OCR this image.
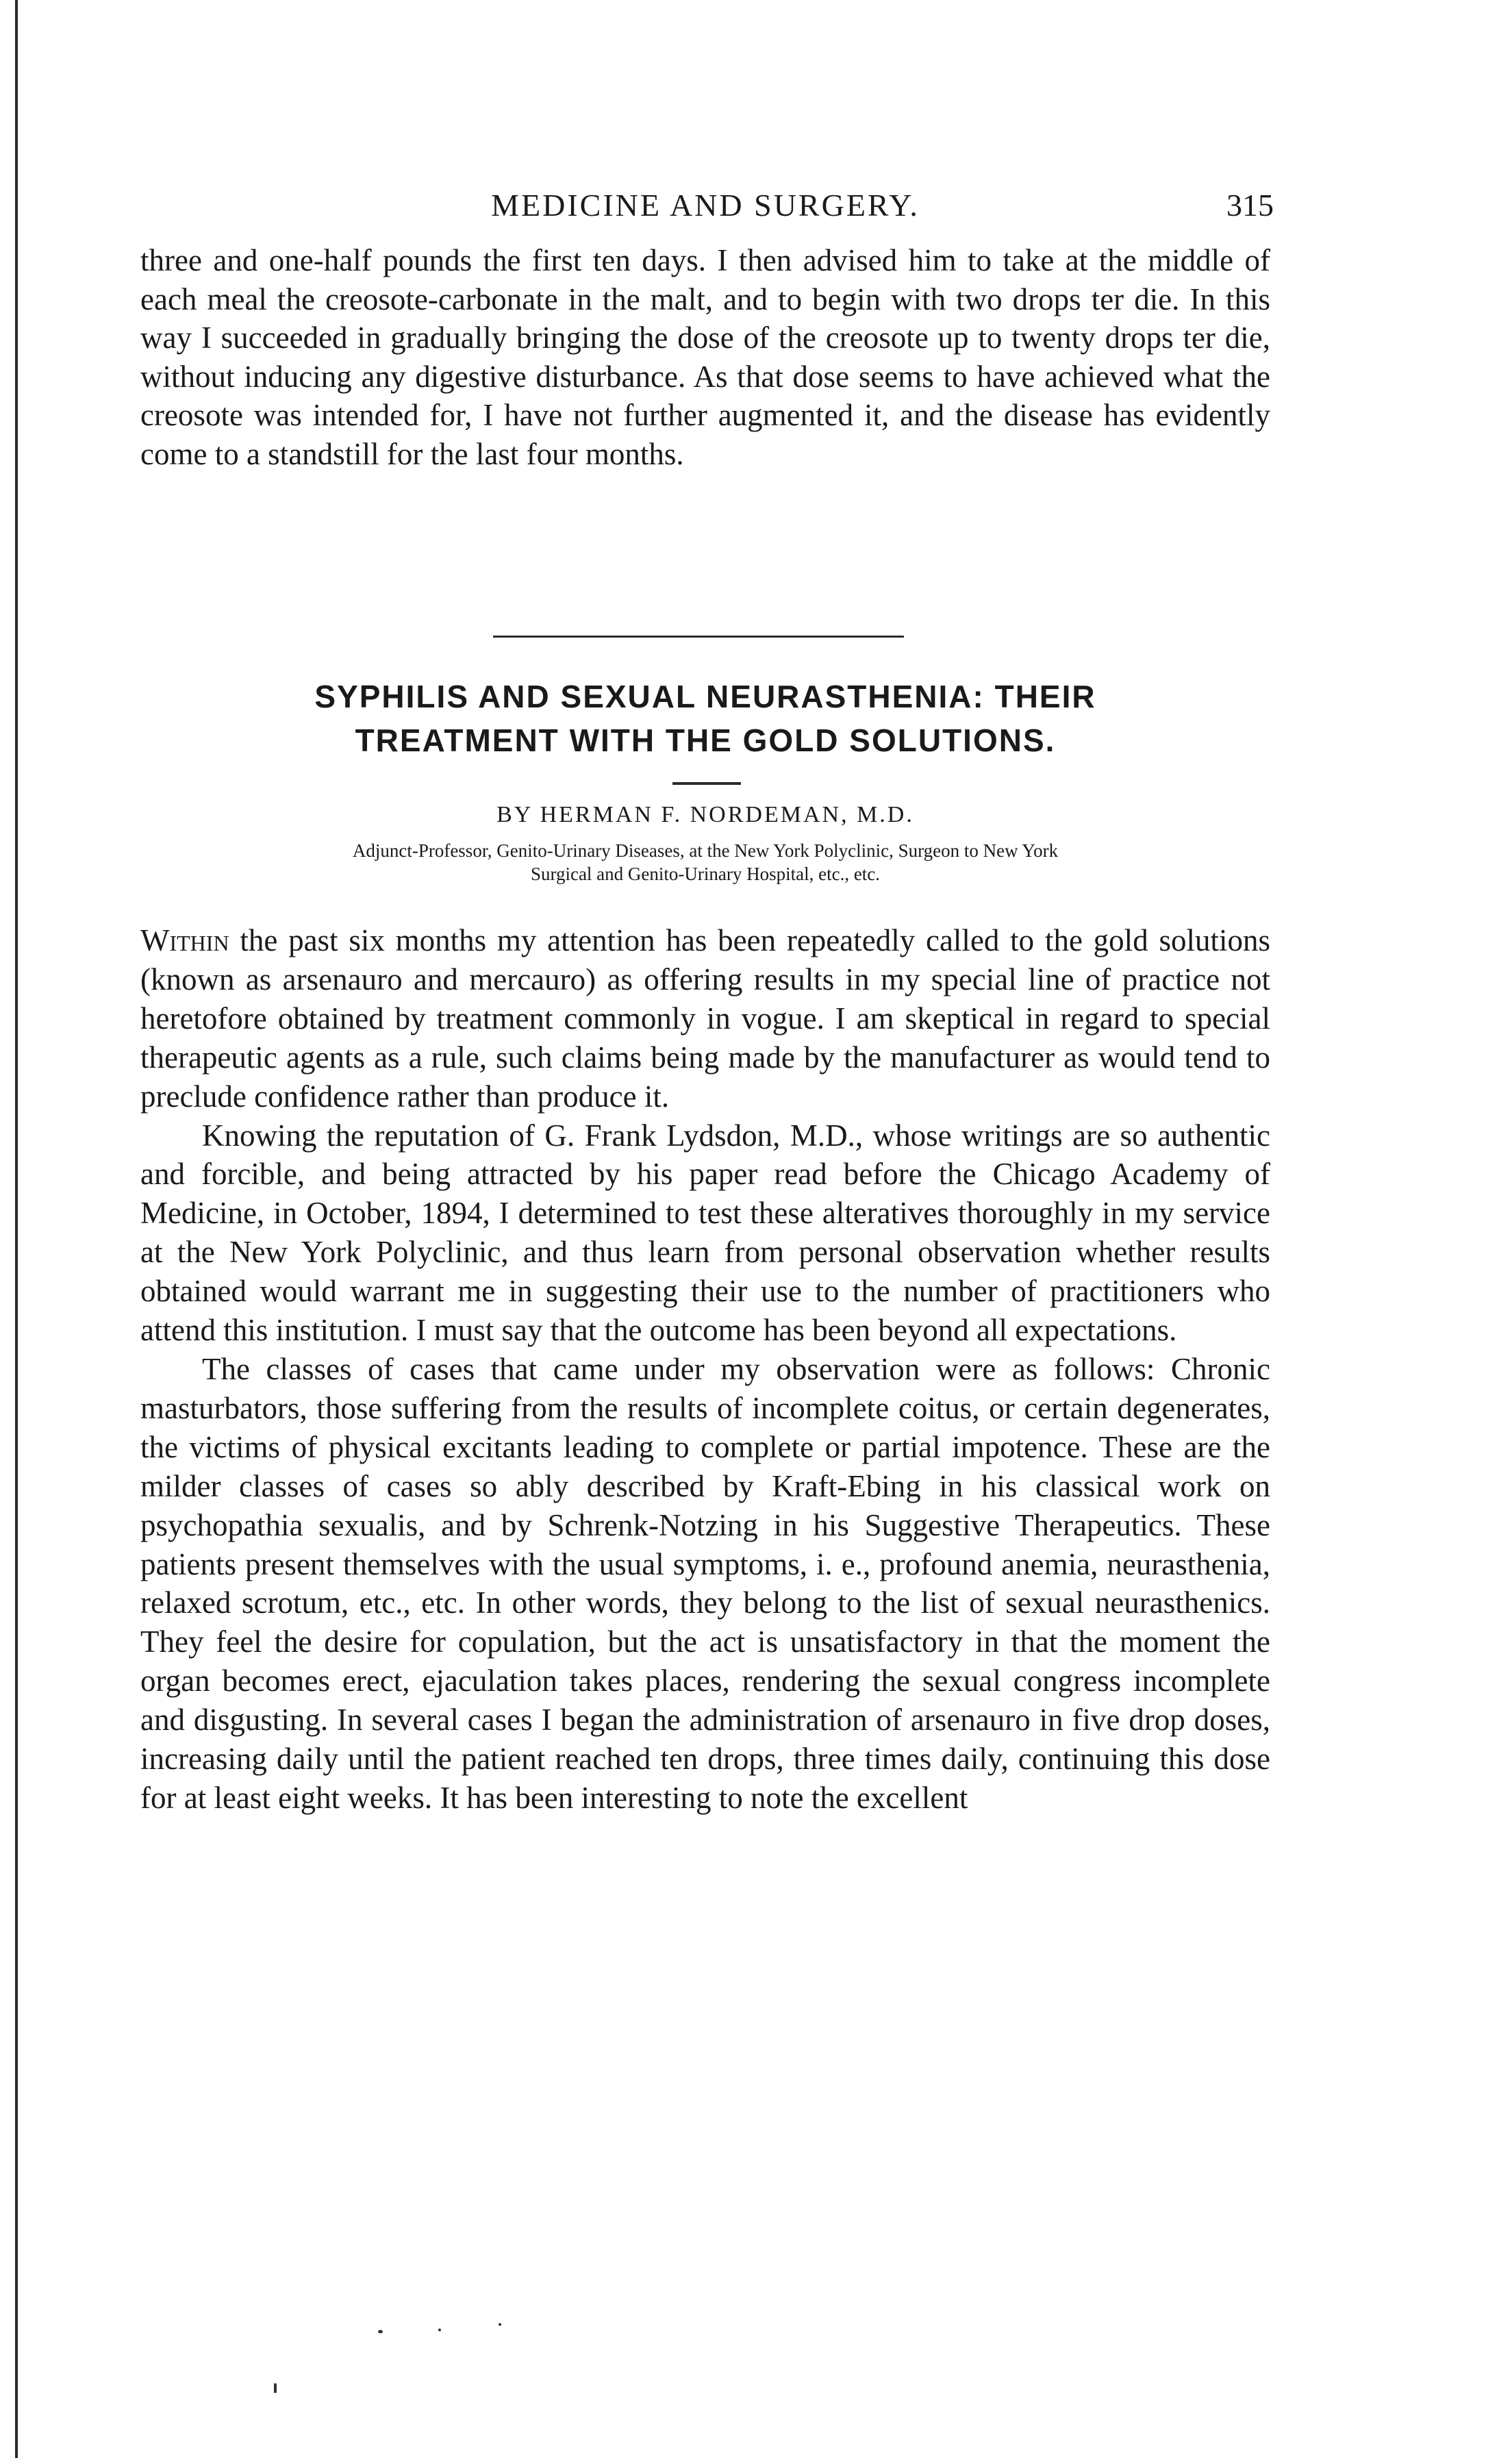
MEDICINE AND SURGERY.	315

three and one-half pounds the first ten days. I then advised him to take at the middle of each meal the creosote-carbonate in the malt, and to begin with two drops ter die. In this way I succeeded in gradually bringing the dose of the creosote up to twenty drops ter die, without inducing any digestive disturbance. As that dose seems to have achieved what the creosote was intended for, I have not further augmented it, and the disease has evidently come to a standstill for the last four months.

SYPHILIS AND SEXUAL NEURASTHENIA: THEIR
TREATMENT WITH THE GOLD SOLUTIONS.
BY HERMAN F. NORDEMAN, M.D.

Adjunct-Professor, Genito-Urinary Diseases, at the New York Polyclinic, Surgeon to New York
Surgical and Genito-Urinary Hospital, etc., etc.

Within the past six months my attention has been repeatedly called to the gold solutions (known as arsenauro and mercauro) as offering results in my special line of practice not heretofore obtained by treatment commonly in vogue. I am skeptical in regard to special therapeutic agents as a rule, such claims being made by the manufacturer as would tend to preclude confidence rather than produce it.

Knowing the reputation of G. Frank Lydsdon, M.D., whose writings are so authentic and forcible, and being attracted by his paper read before the Chicago Academy of Medicine, in October, 1894, I determined to test these alteratives thoroughly in my service at the New York Polyclinic, and thus learn from personal observation whether results obtained would warrant me in suggesting their use to the number of practitioners who attend this institution. I must say that the outcome has been beyond all expectations.

The classes of cases that came under my observation were as follows: Chronic masturbators, those suffering from the results of incomplete coitus, or certain degenerates, the victims of physical excitants leading to complete or partial impotence. These are the milder classes of cases so ably described by Kraft-Ebing in his classical work on psychopathia sexualis, and by Schrenk-Notzing in his Suggestive Therapeutics. These patients present themselves with the usual symptoms, i. e., profound anemia, neurasthenia, relaxed scrotum, etc., etc. In other words, they belong to the list of sexual neurasthenics. They feel the desire for copulation, but the act is unsatisfactory in that the moment the organ becomes erect, ejaculation takes places, rendering the sexual congress incomplete and disgusting. In several cases I began the administration of arsenauro in five drop doses, increasing daily until the patient reached ten drops, three times daily, continuing this dose for at least eight weeks. It has been interesting to note the excellent
